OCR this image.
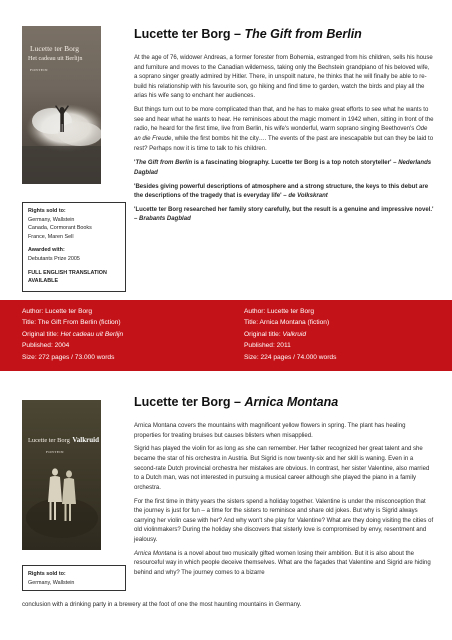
Lucette ter Borg
Het cadeau uit Berlijn
FONTEIN
Lucette ter Borg – The Gift from Berlin

At the age of 76, widower Andreas, a former forester from Bohemia, estranged from his children, sells his house and furniture and moves to the Canadian wilderness, taking only the Bechstein grandpiano of his beloved wife, a soprano singer greatly admired by Hitler. There, in unspoilt nature, he thinks that he will finally be able to re-build his relationship with his favourite son, go hiking and find time to garden, watch the birds and play all the arias his wife sang to enchant her audiences.

But things turn out to be more complicated than that, and he has to make great efforts to see what he wants to see and hear what he wants to hear. He reminisces about the magic moment in 1942 when, sitting in front of the radio, he heard for the first time, live from Berlin, his wife's wonderful, warm soprano singing Beethoven's Ode an die Freude, while the first bombs hit the city…. The events of the past are inescapable but can they be laid to rest? Perhaps now it is time to talk to his children.

'The Gift from Berlin is a fascinating biography. Lucette ter Borg is a top notch storyteller' – Nederlands Dagblad

'Besides giving powerful descriptions of atmosphere and a strong structure, the keys to this debut are the descriptions of the tragedy that is everyday life' – de Volkskrant

'Lucette ter Borg researched her family story carefully, but the result is a genuine and impressive novel.' – Brabants Dagblad

Rights sold to:
Germany, Wallstein
Canada, Cormorant Books
France, Maren Sell
Awarded with:
Debutants Prize 2005
FULL ENGLISH TRANSLATION
AVAILABLE
Author: Lucette ter Borg
Title: The Gift From Berlin (fiction)
Original title: Het cadeau uit Berlijn
Published: 2004
Size: 272 pages / 73.000 words
Author: Lucette ter Borg
Title: Arnica Montana (fiction)
Original title: Valkruid
Published: 2011
Size: 224 pages / 74.000 words
Lucette ter Borg Valkruid
FONTEIN
Lucette ter Borg – Arnica Montana

Arnica Montana covers the mountains with magnificent yellow flowers in spring. The plant has healing properties for treating bruises but causes blisters when misapplied.

Sigrid has played the violin for as long as she can remember. Her father recognized her great talent and she became the star of his orchestra in Austria. But Sigrid is now twenty-six and her skill is waning. Even in a second-rate Dutch provincial orchestra her mistakes are obvious. In contrast, her sister Valentine, also married to a Dutch man, was not interested in pursuing a musical career although she played the piano in a family orchestra.

For the first time in thirty years the sisters spend a holiday together. Valentine is under the misconception that the journey is just for fun – a time for the sisters to reminisce and share old jokes. But why is Sigrid always carrying her violin case with her? And why won't she play for Valentine? What are they doing visiting the cities of old violinmakers? During the holiday she discovers that sisterly love is compromised by envy, resentment and jealousy.

Arnica Montana is a novel about two musically gifted women losing their ambition. But it is also about the resourceful way in which people deceive themselves. What are the façades that Valentine and Sigrid are hiding behind and why? The journey comes to a bizarre

conclusion with a drinking party in a brewery at the foot of one the most haunting mountains in Germany.
Rights sold to:
Germany, Wallstein
